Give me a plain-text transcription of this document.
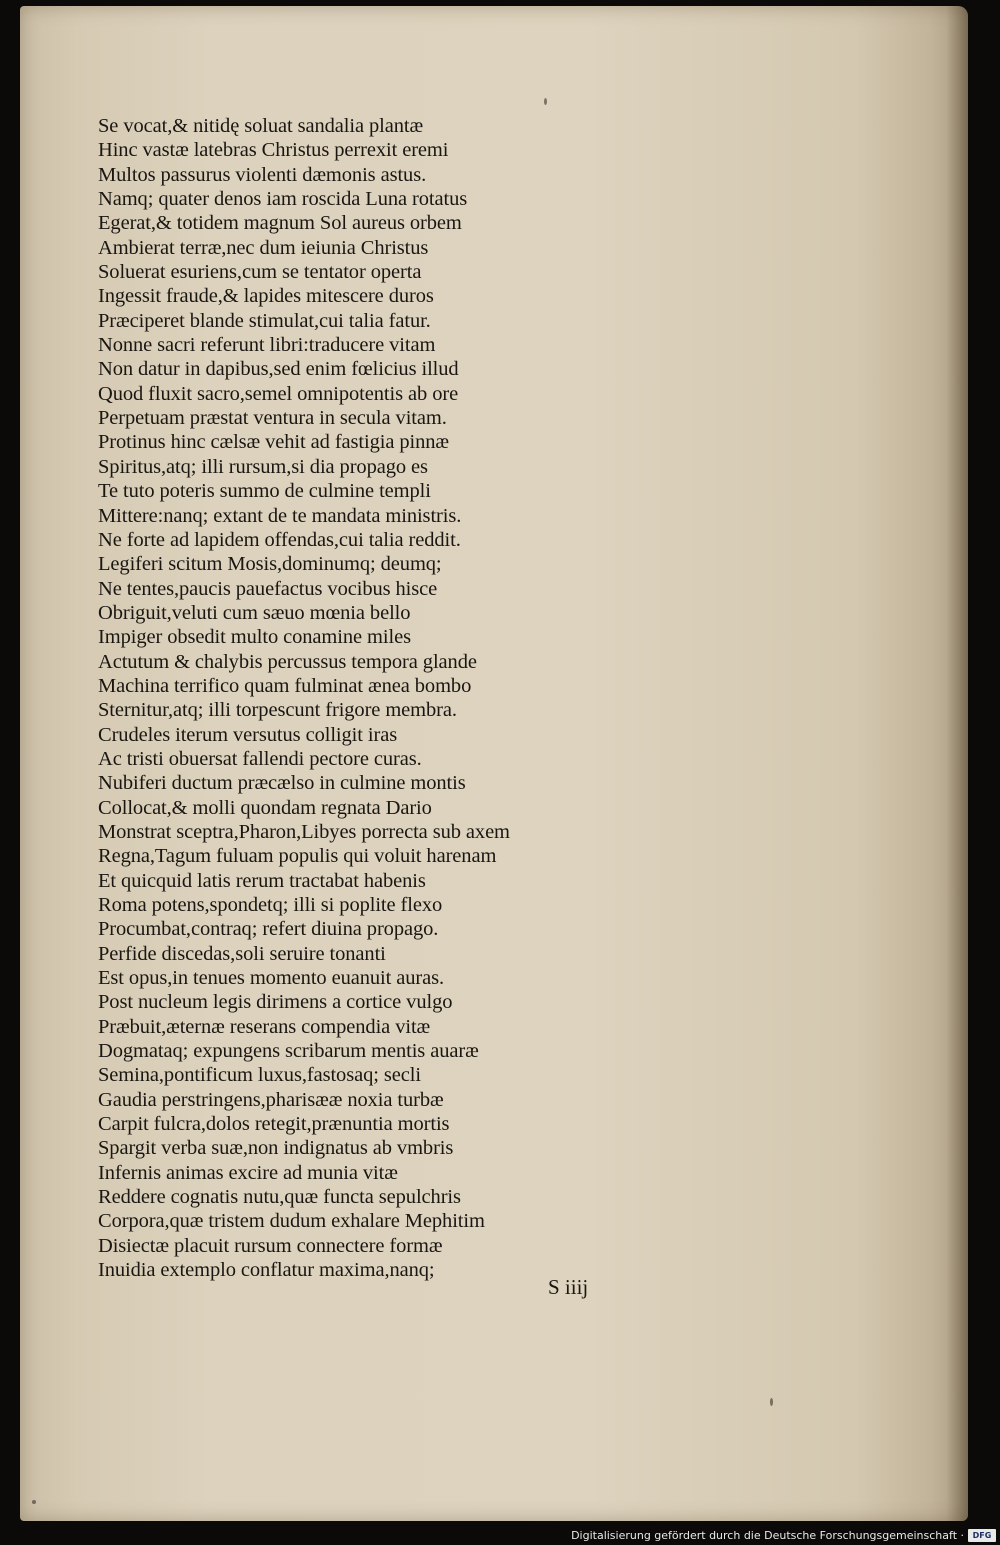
Se vocat,& nitidę soluat sandalia plantæ
Hinc vastæ latebras Christus perrexit eremi
Multos passurus violenti dæmonis astus.
Namq; quater denos iam roscida Luna rotatus
Egerat,& totidem magnum Sol aureus orbem
Ambierat terræ,nec dum ieiunia Christus
Soluerat esuriens,cum se tentator operta
Ingessit fraude,& lapides mitescere duros
Præciperet blande stimulat,cui talia fatur.
Nonne sacri referunt libri:traducere vitam
Non datur in dapibus,sed enim fœlicius illud
Quod fluxit sacro,semel omnipotentis ab ore
Perpetuam præstat ventura in secula vitam.
Protinus hinc cælsæ vehit ad fastigia pinnæ
Spiritus,atq; illi rursum,si dia propago es
Te tuto poteris summo de culmine templi
Mittere:nanq; extant de te mandata ministris.
Ne forte ad lapidem offendas,cui talia reddit.
Legiferi scitum Mosis,dominumq; deumq;
Ne tentes,paucis pauefactus vocibus hisce
Obriguit,veluti cum sæuo mœnia bello
Impiger obsedit multo conamine miles
Actutum & chalybis percussus tempora glande
Machina terrifico quam fulminat ænea bombo
Sternitur,atq; illi torpescunt frigore membra.
Crudeles iterum versutus colligit iras
Ac tristi obuersat fallendi pectore curas.
Nubiferi ductum præcælso in culmine montis
Collocat,& molli quondam regnata Dario
Monstrat sceptra,Pharon,Libyes porrecta sub axem
Regna,Tagum fuluam populis qui voluit harenam
Et quicquid latis rerum tractabat habenis
Roma potens,spondetq; illi si poplite flexo
Procumbat,contraq; refert diuina propago.
Perfide discedas,soli seruire tonanti
Est opus,in tenues momento euanuit auras.
Post nucleum legis dirimens a cortice vulgo
Præbuit,æternæ reserans compendia vitæ
Dogmataq; expungens scribarum mentis auaræ
Semina,pontificum luxus,fastosaq; secli
Gaudia perstringens,pharisææ noxia turbæ
Carpit fulcra,dolos retegit,prænuntia mortis
Spargit verba suæ,non indignatus ab vmbris
Infernis animas excire ad munia vitæ
Reddere cognatis nutu,quæ functa sepulchris
Corpora,quæ tristem dudum exhalare Mephitim
Disiectæ placuit rursum connectere formæ
Inuidia extemplo conflatur maxima,nanq;
S iiij
Digitalisierung gefördert durch die Deutsche Forschungsgemeinschaft ·	DFG
